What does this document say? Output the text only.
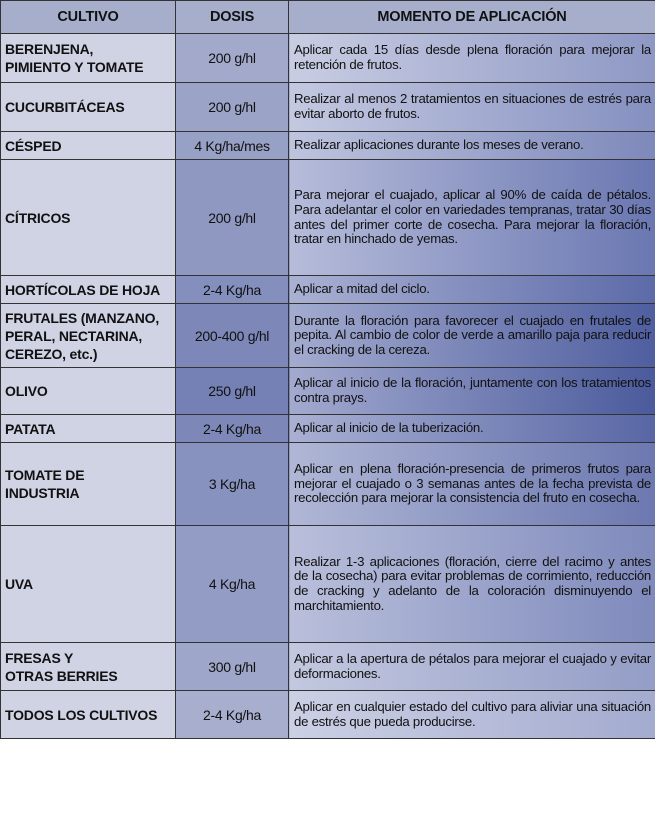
CULTIVO	DOSIS	MOMENTO DE APLICACIÓN
BERENJENA,
PIMIENTO Y TOMATE	200 g/hl	Aplicar cada 15 días desde plena floración para mejorar la retención de frutos.
CUCURBITÁCEAS	200 g/hl	Realizar al menos 2 tratamientos en situaciones de estrés para evitar aborto de frutos.
CÉSPED	4 Kg/ha/mes	Realizar aplicaciones durante los meses de verano.
CÍTRICOS	200 g/hl	Para mejorar el cuajado, aplicar al 90% de caída de pétalos. Para adelantar el color en variedades tempranas, tratar 30 días antes del primer corte de cosecha. Para mejorar la floración, tratar en hinchado de yemas.
HORTÍCOLAS DE HOJA	2-4 Kg/ha	Aplicar a mitad del ciclo.
FRUTALES (MANZANO,
PERAL, NECTARINA,
CEREZO, etc.)	200-400 g/hl	Durante la floración para favorecer el cuajado en frutales de pepita. Al cambio de color de verde a amarillo paja para reducir el cracking de la cereza.
OLIVO	250 g/hl	Aplicar al inicio de la floración, juntamente con los tratamientos contra prays.
PATATA	2-4 Kg/ha	Aplicar al inicio de la tuberización.
TOMATE DE
INDUSTRIA	3 Kg/ha	Aplicar en plena floración-presencia de primeros frutos para mejorar el cuajado o 3 semanas antes de la fecha prevista de recolección para mejorar la consistencia del fruto en cosecha.
UVA	4 Kg/ha	Realizar 1-3 aplicaciones (floración, cierre del racimo y antes de la cosecha) para evitar problemas de corrimiento, reducción de cracking y adelanto de la coloración disminuyendo el marchitamiento.
FRESAS Y
OTRAS BERRIES	300 g/hl	Aplicar a la apertura de pétalos para mejorar el cuajado y evitar deformaciones.
TODOS LOS CULTIVOS	2-4 Kg/ha	Aplicar en cualquier estado del cultivo para aliviar una situación de estrés que pueda producirse.
